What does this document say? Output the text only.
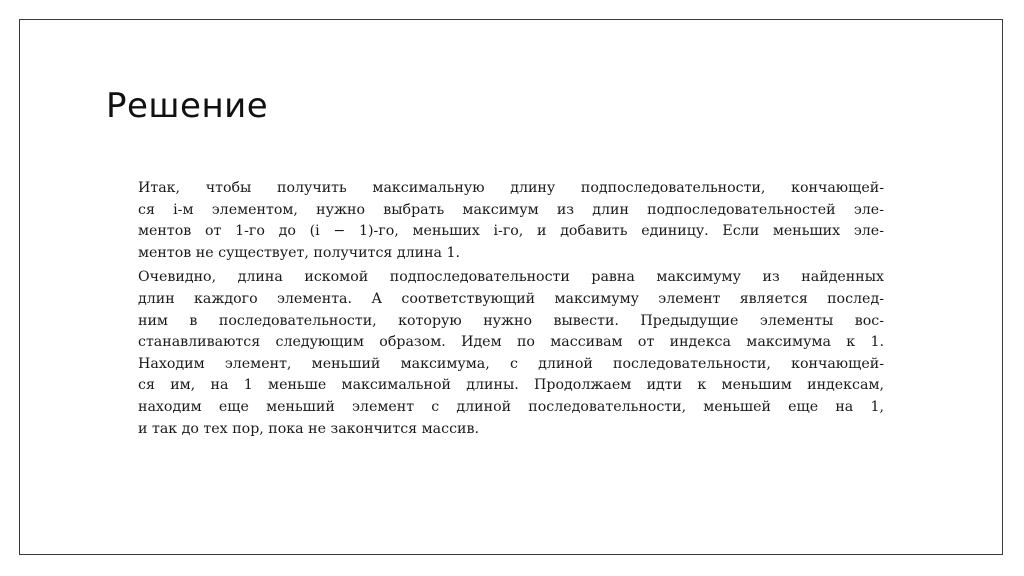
Решение

Итак, чтобы получить максимальную длину подпоследовательности, кончающей-
ся i-м элементом, нужно выбрать максимум из длин подпоследовательностей эле-
ментов от 1-го до (i − 1)-го, меньших i-го, и добавить единицу. Если меньших эле-
ментов не существует, получится длина 1.

Очевидно, длина искомой подпоследовательности равна максимуму из найденных
длин каждого элемента. А соответствующий максимуму элемент является послед-
ним в последовательности, которую нужно вывести. Предыдущие элементы вос-
станавливаются следующим образом. Идем по массивам от индекса максимума к 1.
Находим элемент, меньший максимума, с длиной последовательности, кончающей-
ся им, на 1 меньше максимальной длины. Продолжаем идти к меньшим индексам,
находим еще меньший элемент с длиной последовательности, меньшей еще на 1,
и так до тех пор, пока не закончится массив.
